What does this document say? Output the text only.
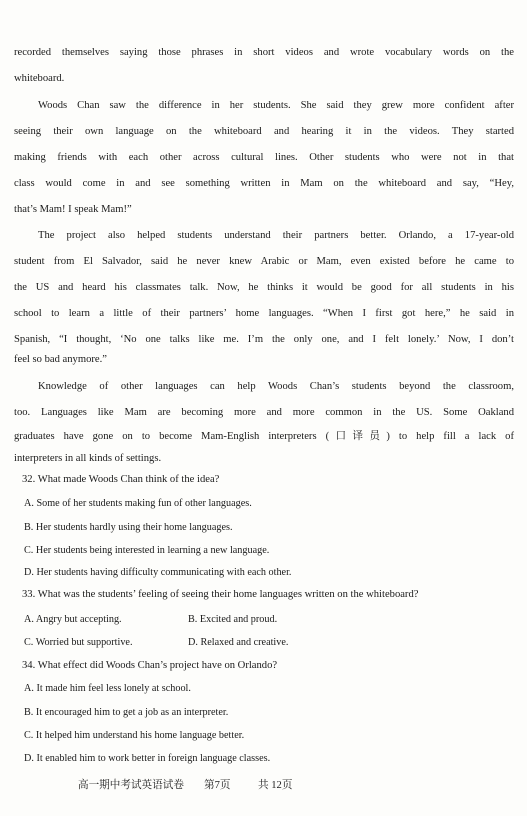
recorded themselves saying those phrases in short videos and wrote vocabulary words on the
whiteboard.
Woods Chan saw the difference in her students. She said they grew more confident after
seeing their own language on the whiteboard and hearing it in the videos. They started
making friends with each other across cultural lines. Other students who were not in that
class would come in and see something written in Mam on the whiteboard and say, “Hey,
that’s Mam! I speak Mam!”
The project also helped students understand their partners better. Orlando, a 17-year-old
student from El Salvador, said he never knew Arabic or Mam, even existed before he came to
the US and heard his classmates talk. Now, he thinks it would be good for all students in his
school to learn a little of their partners’ home languages. “When I first got here,” he said in
Spanish, “I thought, ‘No one talks like me. I’m the only one, and I felt lonely.’ Now, I don’t
feel so bad anymore.”
Knowledge of other languages can help Woods Chan’s students beyond the classroom,
too. Languages like Mam are becoming more and more common in the US. Some Oakland
graduates have gone on to become Mam-English interpreters (口译员) to help fill a lack of
interpreters in all kinds of settings.
32. What made Woods Chan think of the idea?
A. Some of her students making fun of other languages.
B. Her students hardly using their home languages.
C. Her students being interested in learning a new language.
D. Her students having difficulty communicating with each other.
33. What was the students’ feeling of seeing their home languages written on the whiteboard?
A. Angry but accepting.	B. Excited and proud.
C. Worried but supportive.	D. Relaxed and creative.
34. What effect did Woods Chan’s project have on Orlando?
A. It made him feel less lonely at school.
B. It encouraged him to get a job as an interpreter.
C. It helped him understand his home language better.
D. It enabled him to work better in foreign language classes.
高一期中考试英语试卷 第7页	共 12页
